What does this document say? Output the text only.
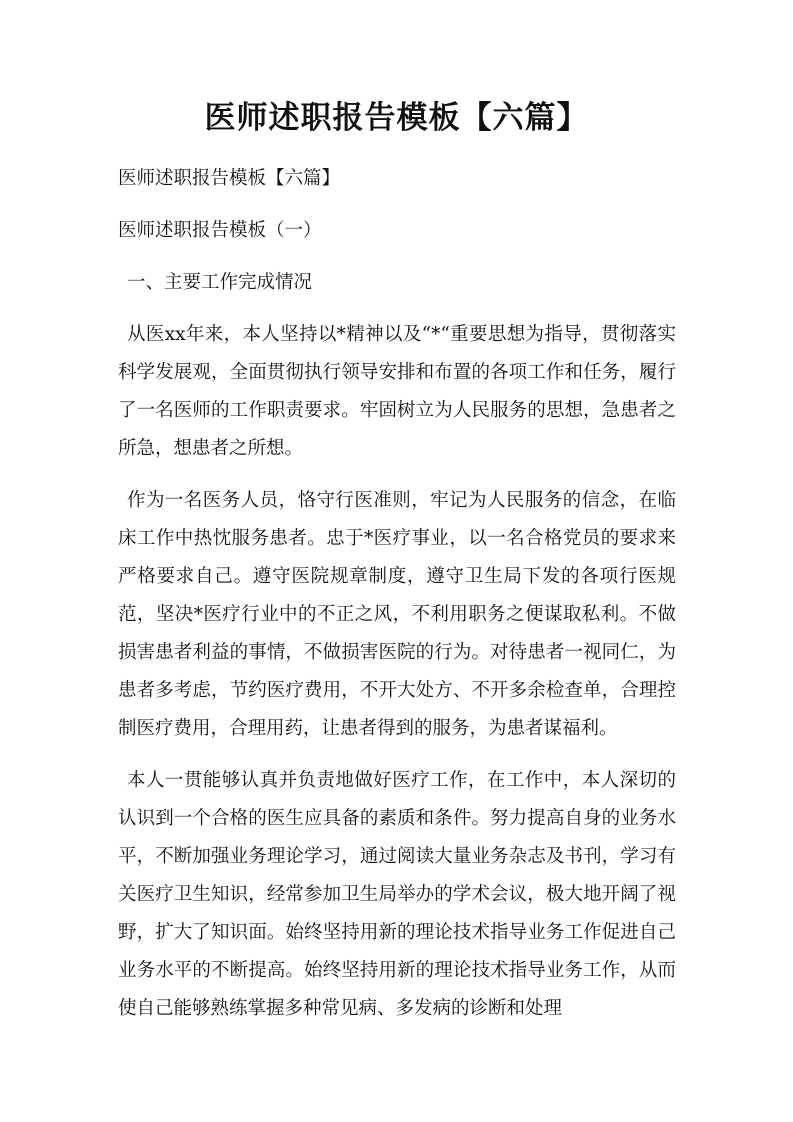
医师述职报告模板【六篇】
医师述职报告模板【六篇】
医师述职报告模板（一）
一、主要工作完成情况

从医xx年来，本人坚持以*精神以及“*“重要思想为指导，贯彻落实科学发展观，全面贯彻执行领导安排和布置的各项工作和任务，履行了一名医师的工作职责要求。牢固树立为人民服务的思想，急患者之所急，想患者之所想。

作为一名医务人员，恪守行医准则，牢记为人民服务的信念，在临床工作中热忱服务患者。忠于*医疗事业，以一名合格党员的要求来严格要求自己。遵守医院规章制度，遵守卫生局下发的各项行医规范，坚决*医疗行业中的不正之风，不利用职务之便谋取私利。不做损害患者利益的事情，不做损害医院的行为。对待患者一视同仁，为患者多考虑，节约医疗费用，不开大处方、不开多余检查单，合理控制医疗费用，合理用药，让患者得到的服务，为患者谋福利。

本人一贯能够认真并负责地做好医疗工作，在工作中，本人深切的认识到一个合格的医生应具备的素质和条件。努力提高自身的业务水平，不断加强业务理论学习，通过阅读大量业务杂志及书刊，学习有关医疗卫生知识，经常参加卫生局举办的学术会议，极大地开阔了视野，扩大了知识面。始终坚持用新的理论技术指导业务工作促进自己业务水平的不断提高。始终坚持用新的理论技术指导业务工作，从而使自己能够熟练掌握多种常见病、多发病的诊断和处理
